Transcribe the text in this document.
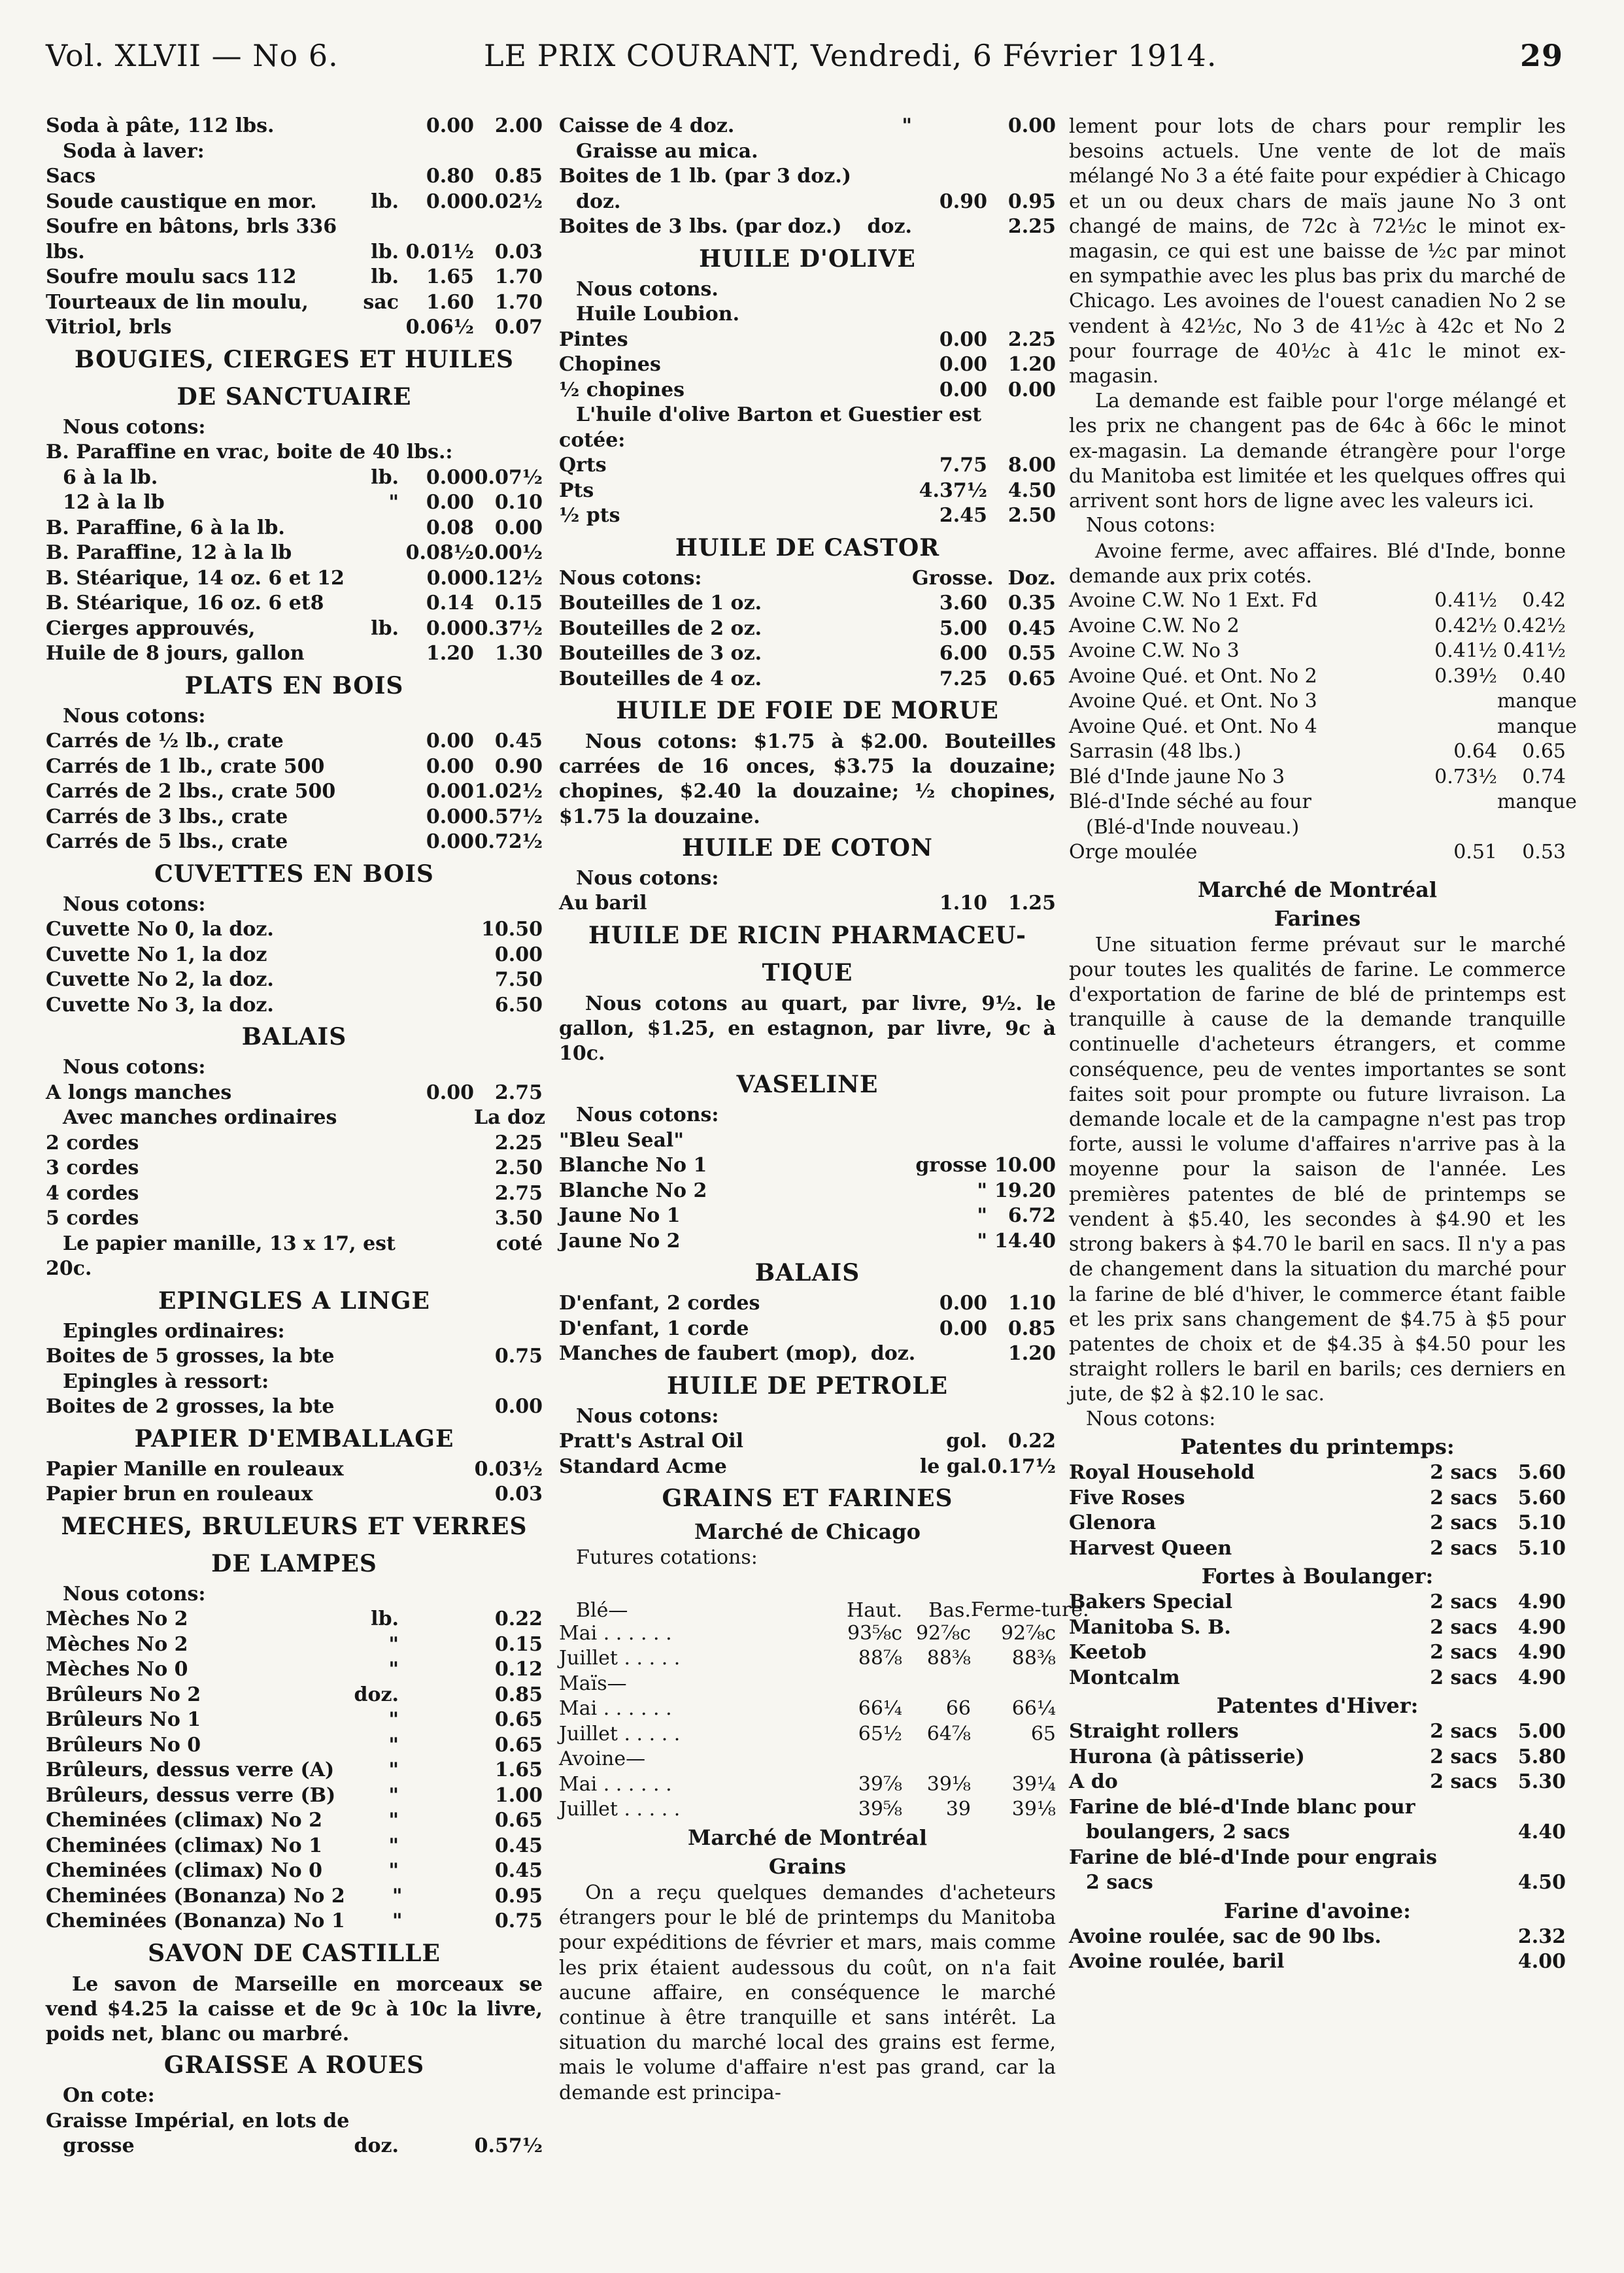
Vol. XLVII — No 6.	LE PRIX COURANT, Vendredi, 6 Février 1914.	29
Soda à pâte, 112 lbs.	0.00	2.00
Soda à laver:
Sacs	0.80	0.85
Soude caustique en mor.	lb.	0.00 0.02½
Soufre en bâtons, brls 336
lbs.	lb. 0.01½	0.03
Soufre moulu sacs 112	lb.	1.65	1.70
Tourteaux de lin moulu,	sac	1.60	1.70
Vitriol, brls	0.06½	0.07
BOUGIES, CIERGES ET HUILES
DE SANCTUAIRE
Nous cotons:
B. Paraffine en vrac, boite de 40 lbs.:
6 à la lb.	lb.	0.00 0.07½
12 à la lb	"	0.00	0.10
B. Paraffine, 6 à la lb.	0.08	0.00
B. Paraffine, 12 à la lb	0.08½ 0.00½
B. Stéarique, 14 oz. 6 et 12	0.00 0.12½
B. Stéarique, 16 oz. 6 et8	0.14	0.15
Cierges approuvés,	lb.	0.00 0.37½
Huile de 8 jours, gallon	1.20	1.30
PLATS EN BOIS
Nous cotons:
Carrés de ½ lb., crate	0.00	0.45
Carrés de 1 lb., crate 500	0.00	0.90
Carrés de 2 lbs., crate 500	0.00 1.02½
Carrés de 3 lbs., crate	0.00 0.57½
Carrés de 5 lbs., crate	0.00 0.72½
CUVETTES EN BOIS
Nous cotons:
Cuvette No 0, la doz.	10.50
Cuvette No 1, la doz	0.00
Cuvette No 2, la doz.	7.50
Cuvette No 3, la doz.	6.50
BALAIS
Nous cotons:
A longs manches	0.00	2.75
Avec manches ordinaires	La doz
2 cordes	2.25
3 cordes	2.50
4 cordes	2.75
5 cordes	3.50
Le papier manille, 13 x 17, est	coté
20c.
EPINGLES A LINGE
Epingles ordinaires:
Boites de 5 grosses, la bte	0.75
Epingles à ressort:
Boites de 2 grosses, la bte	0.00
PAPIER D'EMBALLAGE
Papier Manille en rouleaux	0.03½
Papier brun en rouleaux	0.03
MECHES, BRULEURS ET VERRES
DE LAMPES
Nous cotons:
Mèches No 2	lb.	0.22
Mèches No 2	"	0.15
Mèches No 0	"	0.12
Brûleurs No 2	doz.	0.85
Brûleurs No 1	"	0.65
Brûleurs No 0	"	0.65
Brûleurs, dessus verre (A)	"	1.65
Brûleurs, dessus verre (B)	"	1.00
Cheminées (climax) No 2	"	0.65
Cheminées (climax) No 1	"	0.45
Cheminées (climax) No 0	"	0.45
Cheminées (Bonanza) No 2	"	0.95
Cheminées (Bonanza) No 1	"	0.75
SAVON DE CASTILLE

Le savon de Marseille en morceaux se vend $4.25 la caisse et de 9c à 10c la livre, poids net, blanc ou marbré.

GRAISSE A ROUES
On cote:
Graisse Impérial, en lots de
grosse	doz.	0.57½
Caisse de 4 doz.	"	0.00
Graisse au mica.
Boites de 1 lb. (par 3 doz.)
doz.	0.90	0.95
Boites de 3 lbs. (par doz.)	doz.	2.25
HUILE D'OLIVE
Nous cotons.
Huile Loubion.
Pintes	0.00	2.25
Chopines	0.00	1.20
½ chopines	0.00	0.00
L'huile d'olive Barton et Guestier est
cotée:
Qrts	7.75	8.00
Pts	4.37½	4.50
½ pts	2.45	2.50
HUILE DE CASTOR
Nous cotons:	Grosse. Doz.
Bouteilles de 1 oz.	3.60	0.35
Bouteilles de 2 oz.	5.00	0.45
Bouteilles de 3 oz.	6.00	0.55
Bouteilles de 4 oz.	7.25	0.65
HUILE DE FOIE DE MORUE

Nous cotons: $1.75 à $2.00. Bouteilles carrées de 16 onces, $3.75 la douzaine; chopines, $2.40 la douzaine; ½ chopines, $1.75 la douzaine.

HUILE DE COTON
Nous cotons:
Au baril	1.10	1.25
HUILE DE RICIN PHARMACEU-
TIQUE

Nous cotons au quart, par livre, 9½. le gallon, $1.25, en estagnon, par livre, 9c à 10c.

VASELINE
Nous cotons:
"Bleu Seal"
Blanche No 1	grosse 10.00
Blanche No 2	" 19.20
Jaune No 1	"	6.72
Jaune No 2	" 14.40
BALAIS
D'enfant, 2 cordes	0.00	1.10
D'enfant, 1 corde	0.00	0.85
Manches de faubert (mop), doz.	1.20
HUILE DE PETROLE
Nous cotons:
Pratt's Astral Oil	gol.	0.22
Standard Acme	le gal. 0.17½
GRAINS ET FARINES
Marché de Chicago
Futures cotations:
Blé—	Haut.	Bas. Ferme-ture.
Mai . . . . . .	93⅝c 92⅞c	92⅞c
Juillet . . . . .	88⅞	88⅜	88⅜
Maïs—
Mai . . . . . .	66¼	66	66¼
Juillet . . . . .	65½	64⅞	65
Avoine—
Mai . . . . . .	39⅞	39⅛	39¼
Juillet . . . . .	39⅝	39	39⅛
Marché de Montréal
Grains

On a reçu quelques demandes d'acheteurs étrangers pour le blé de printemps du Manitoba pour expéditions de février et mars, mais comme les prix étaient audessous du coût, on n'a fait aucune affaire, en conséquence le marché continue à être tranquille et sans intérêt. La situation du marché local des grains est ferme, mais le volume d'affaire n'est pas grand, car la demande est principa-

lement pour lots de chars pour remplir les besoins actuels. Une vente de lot de maïs mélangé No 3 a été faite pour expédier à Chicago et un ou deux chars de maïs jaune No 3 ont changé de mains, de 72c à 72½c le minot ex-magasin, ce qui est une baisse de ½c par minot en sympathie avec les plus bas prix du marché de Chicago. Les avoines de l'ouest canadien No 2 se vendent à 42½c, No 3 de 41½c à 42c et No 2 pour fourrage de 40½c à 41c le minot ex-magasin.

La demande est faible pour l'orge mélangé et les prix ne changent pas de 64c à 66c le minot ex-magasin. La demande étrangère pour l'orge du Manitoba est limitée et les quelques offres qui arrivent sont hors de ligne avec les valeurs ici.

Nous cotons:

Avoine ferme, avec affaires. Blé d'Inde, bonne demande aux prix cotés.

Avoine C.W. No 1 Ext. Fd	0.41½	0.42
Avoine C.W. No 2	0.42½ 0.42½
Avoine C.W. No 3	0.41½ 0.41½
Avoine Qué. et Ont. No 2	0.39½	0.40
Avoine Qué. et Ont. No 3	manque
Avoine Qué. et Ont. No 4	manque
Sarrasin (48 lbs.)	0.64	0.65
Blé d'Inde jaune No 3	0.73½	0.74
Blé-d'Inde séché au four	manque
(Blé-d'Inde nouveau.)
Orge moulée	0.51	0.53
Marché de Montréal
Farines

Une situation ferme prévaut sur le marché pour toutes les qualités de farine. Le commerce d'exportation de farine de blé de printemps est tranquille à cause de la demande tranquille continuelle d'acheteurs étrangers, et comme conséquence, peu de ventes importantes se sont faites soit pour prompte ou future livraison. La demande locale et de la campagne n'est pas trop forte, aussi le volume d'affaires n'arrive pas à la moyenne pour la saison de l'année. Les premières patentes de blé de printemps se vendent à $5.40, les secondes à $4.90 et les strong bakers à $4.70 le baril en sacs. Il n'y a pas de changement dans la situation du marché pour la farine de blé d'hiver, le commerce étant faible et les prix sans changement de $4.75 à $5 pour patentes de choix et de $4.35 à $4.50 pour les straight rollers le baril en barils; ces derniers en jute, de $2 à $2.10 le sac.

Nous cotons:
Patentes du printemps:
Royal Household	2 sacs	5.60
Five Roses	2 sacs	5.60
Glenora	2 sacs	5.10
Harvest Queen	2 sacs	5.10
Fortes à Boulanger:
Bakers Special	2 sacs	4.90
Manitoba S. B.	2 sacs	4.90
Keetob	2 sacs	4.90
Montcalm	2 sacs	4.90
Patentes d'Hiver:
Straight rollers	2 sacs	5.00
Hurona (à pâtisserie)	2 sacs	5.80
A do	2 sacs	5.30
Farine de blé-d'Inde blanc pour
boulangers, 2 sacs	4.40
Farine de blé-d'Inde pour engrais
2 sacs	4.50
Farine d'avoine:
Avoine roulée, sac de 90 lbs.	2.32
Avoine roulée, baril	4.00
